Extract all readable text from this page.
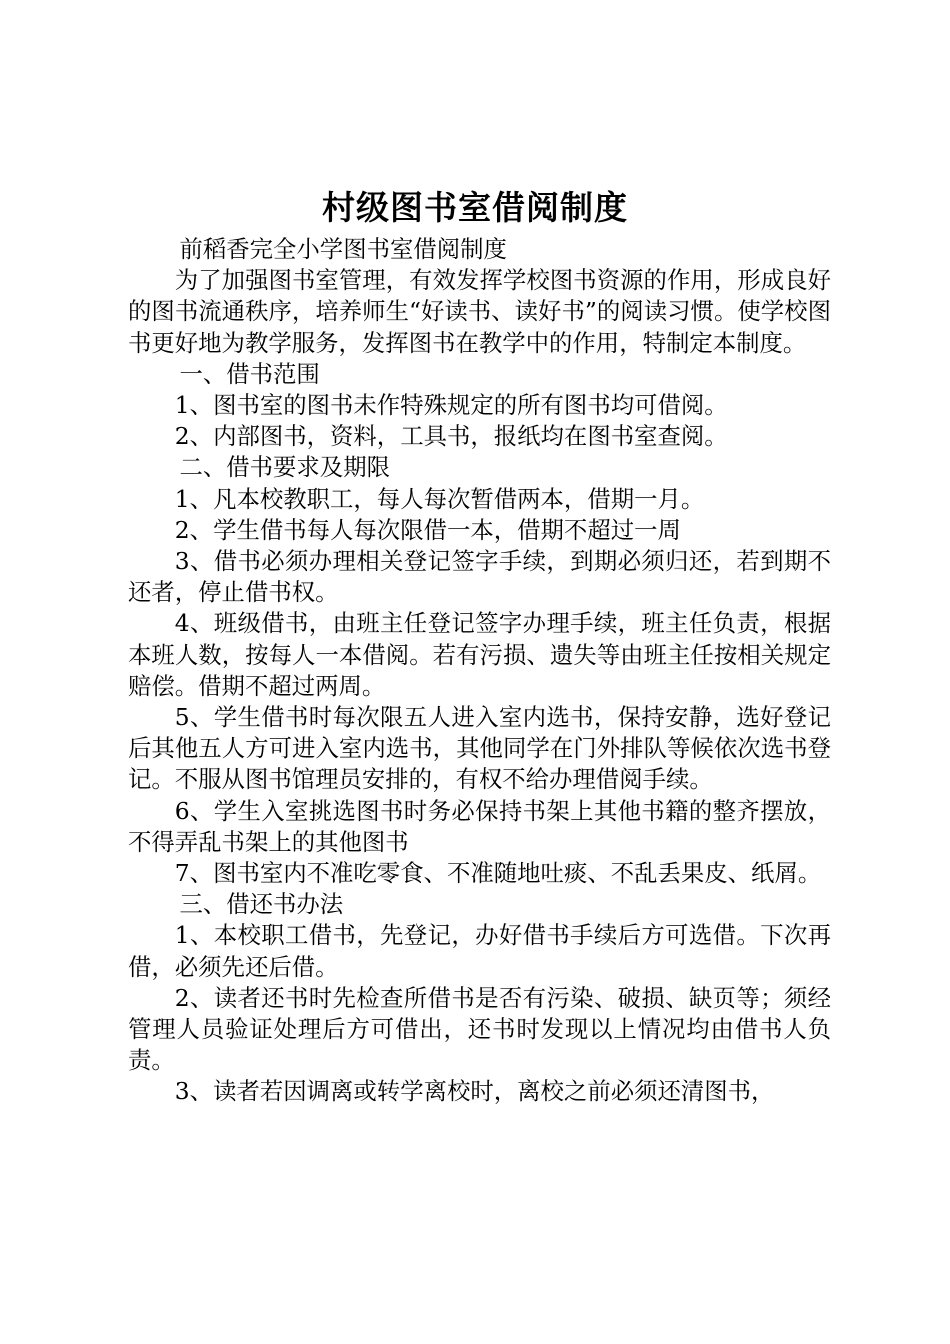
村级图书室借阅制度

前稻香完全小学图书室借阅制度

为了加强图书室管理，有效发挥学校图书资源的作用，形成良好的图书流通秩序，培养师生“好读书、读好书”的阅读习惯。使学校图书更好地为教学服务，发挥图书在教学中的作用，特制定本制度。

一、借书范围

1、图书室的图书未作特殊规定的所有图书均可借阅。

2、内部图书，资料，工具书，报纸均在图书室查阅。

二、借书要求及期限

1、凡本校教职工，每人每次暂借两本，借期一月。

2、学生借书每人每次限借一本，借期不超过一周

3、借书必须办理相关登记签字手续，到期必须归还，若到期不还者，停止借书权。

4、班级借书，由班主任登记签字办理手续，班主任负责，根据本班人数，按每人一本借阅。若有污损、遗失等由班主任按相关规定赔偿。借期不超过两周。

5、学生借书时每次限五人进入室内选书，保持安静，选好登记后其他五人方可进入室内选书，其他同学在门外排队等候依次选书登记。不服从图书馆理员安排的，有权不给办理借阅手续。

6、学生入室挑选图书时务必保持书架上其他书籍的整齐摆放，不得弄乱书架上的其他图书

7、图书室内不准吃零食、不准随地吐痰、不乱丢果皮、纸屑。

三、借还书办法

1、本校职工借书，先登记，办好借书手续后方可选借。下次再借，必须先还后借。

2、读者还书时先检查所借书是否有污染、破损、缺页等；须经管理人员验证处理后方可借出，还书时发现以上情况均由借书人负责。

3、读者若因调离或转学离校时，离校之前必须还清图书，
